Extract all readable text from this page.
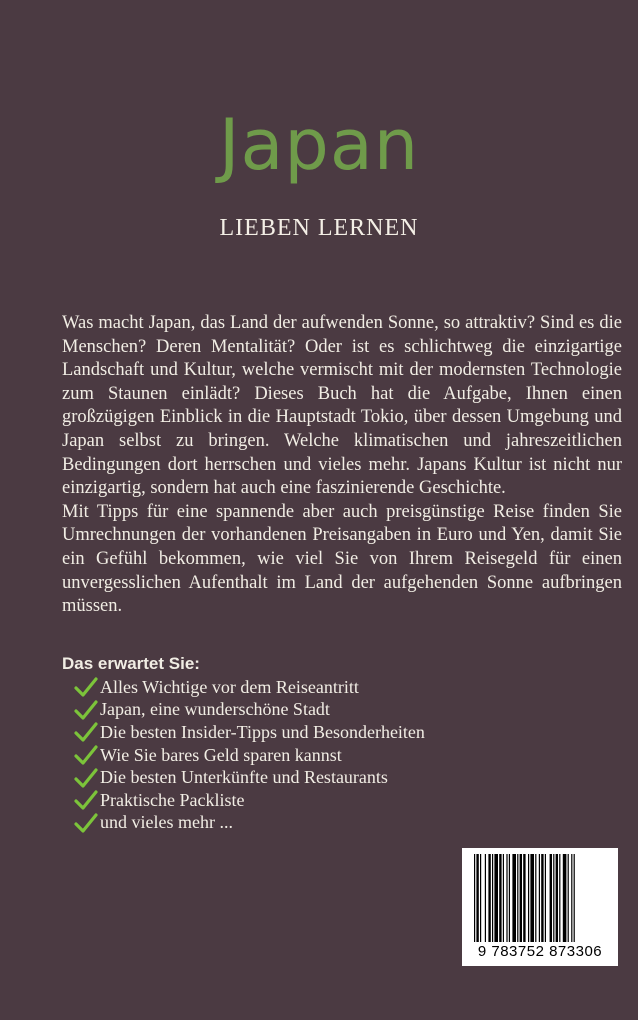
Japan
LIEBEN LERNEN

Was macht Japan, das Land der aufwenden Sonne, so attraktiv? Sind es die Menschen? Deren Mentalität? Oder ist es schlichtweg die einzigartige Landschaft und Kultur, welche vermischt mit der modernsten Technologie zum Staunen einlädt? Dieses Buch hat die Aufgabe, Ihnen einen großzügigen Einblick in die Hauptstadt Tokio, über dessen Umgebung und Japan selbst zu bringen. Welche klimatischen und jahreszeitlichen Bedingungen dort herrschen und vieles mehr. Japans Kultur ist nicht nur einzigartig, sondern hat auch eine faszinierende Geschichte.

Mit Tipps für eine spannende aber auch preisgünstige Reise finden Sie Umrechnungen der vorhandenen Preisangaben in Euro und Yen, damit Sie ein Gefühl bekommen, wie viel Sie von Ihrem Reisegeld für einen unvergesslichen Aufenthalt im Land der aufgehenden Sonne aufbringen müssen.

Das erwartet Sie:
Alles Wichtige vor dem Reiseantritt
Japan, eine wunderschöne Stadt
Die besten Insider-Tipps und Besonderheiten
Wie Sie bares Geld sparen kannst
Die besten Unterkünfte und Restaurants
Praktische Packliste
und vieles mehr ...
9 783752 873306
